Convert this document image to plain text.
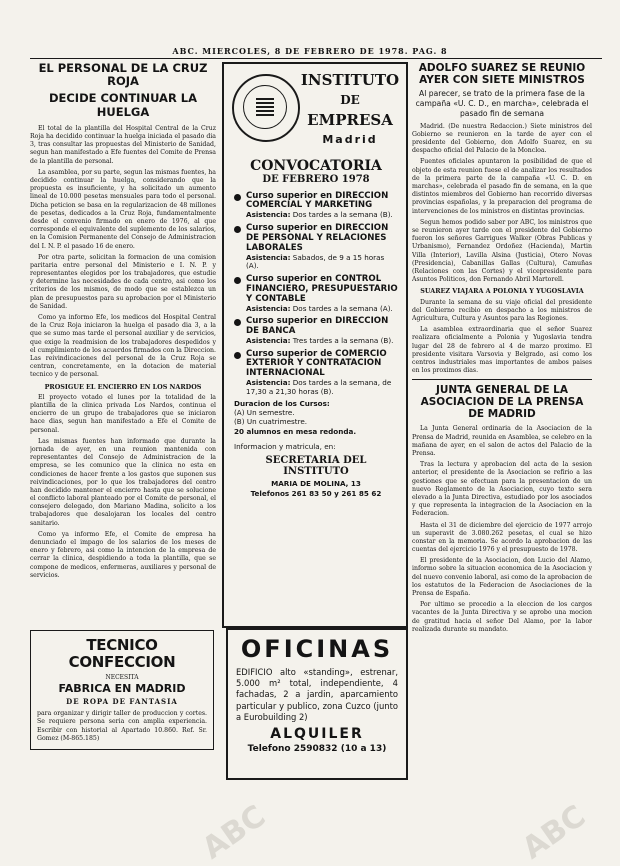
ABC. MIERCOLES, 8 DE FEBRERO DE 1978. PAG. 8
EL PERSONAL DE LA CRUZ ROJA
DECIDE CONTINUAR LA HUELGA

El total de la plantilla del Hospital Central de la Cruz Roja ha decidido continuar la huelga iniciada el pasado dia 3, tras consultar las propuestas del Ministerio de Sanidad, segun han manifestado a Efe fuentes del Comite de Prensa de la plantilla de personal.

La asamblea, por su parte, segun las mismas fuentes, ha decidido continuar la huelga, considerando que la propuesta es insuficiente, y ha solicitado un aumento lineal de 10.000 pesetas mensuales para todo el personal. Dicha peticion se basa en la regularizacion de 48 millones de pesetas, dedicados a la Cruz Roja, fundamentalmente desde el convenio firmado en enero de 1976, al que corresponde el equivalente del suplemento de los salarios, en la Comision Permanente del Consejo de Administracion del I. N. P. el pasado 16 de enero.

Por otra parte, solicitan la formacion de una comision paritaria entre personal del Ministerio e I. N. P. y representantes elegidos por los trabajadores, que estudie y determine las necesidades de cada centro, asi como los criterios de los mismos, de modo que se establezca un plan de presupuestos para su aprobacion por el Ministerio de Sanidad.

Como ya informo Efe, los medicos del Hospital Central de la Cruz Roja iniciaron la huelga el pasado dia 3, a la que se sumo mas tarde el personal auxiliar y de servicios, que exige la readmision de los trabajadores despedidos y el cumplimiento de los acuerdos firmados con la Direccion. Las reivindicaciones del personal de la Cruz Roja se centran, concretamente, en la dotacion de material tecnico y de personal.

PROSIGUE EL ENCIERRO EN LOS NARDOS

El proyecto votado el lunes por la totalidad de la plantilla de la clinica privada Los Nardos, continua el encierro de un grupo de trabajadores que se iniciaron hace dias, segun han manifestado a Efe el Comite de personal.

Las mismas fuentes han informado que durante la jornada de ayer, en una reunion mantenida con representantes del Consejo de Administracion de la empresa, se les comunico que la clinica no esta en condiciones de hacer frente a los gastos que suponen sus reivindicaciones, por lo que los trabajadores del centro han decidido mantener el encierro hasta que se solucione el conflicto laboral planteado por el Comite de personal, el consejero delegado, don Mariano Madina, solicito a los trabajadores que desalojaran los locales del centro sanitario.

Como ya informo Efe, el Comite de empresa ha denunciado el impago de los salarios de los meses de enero y febrero, asi como la intencion de la empresa de cerrar la clinica, despidiendo a toda la plantilla, que se compone de medicos, enfermeras, auxiliares y personal de servicios.

TECNICO CONFECCION
NECESITA
FABRICA EN MADRID
DE ROPA DE FANTASIA

para organizar y dirigir taller de produccion y cortes. Se requiere persona seria con amplia experiencia. Escribir con historial al Apartado 10.860. Ref. Sr. Gomez (M-865.185)

INSTITUTO
DE
EMPRESA
Madrid
CONVOCATORIA
DE FEBRERO 1978
Curso superior en DIRECCION COMERCIAL Y MARKETING
Asistencia: Dos tardes a la semana (B).
Curso superior en DIRECCION DE PERSONAL Y RELACIONES LABORALES
Asistencia: Sabados, de 9 a 15 horas (A).
Curso superior en CONTROL FINANCIERO, PRESUPUESTARIO Y CONTABLE
Asistencia: Dos tardes a la semana (A).
Curso superior en DIRECCION DE BANCA
Asistencia: Tres tardes a la semana (B).
Curso superior de COMERCIO EXTERIOR Y CONTRATACION INTERNACIONAL
Asistencia: Dos tardes a la semana, de 17,30 a 21,30 horas (B).
Duracion de los Cursos:
(A) Un semestre.
(B) Un cuatrimestre.
20 alumnos en mesa redonda.
Informacion y matricula, en:
SECRETARIA DEL INSTITUTO
MARIA DE MOLINA, 13
Telefonos 261 83 50 y 261 85 62
OFICINAS
EDIFICIO alto «standing», estrenar, 5.000 m² total, independiente, 4 fachadas, 2 a jardin, aparcamiento particular y publico, zona Cuzco (junto a Eurobuilding 2)
ALQUILER
Telefono 2590832 (10 a 13)
ADOLFO SUAREZ SE REUNIO
AYER CON SIETE MINISTROS
Al parecer, se trato de la primera fase de la campaña «U. C. D., en marcha», celebrada el pasado fin de semana

Madrid. (De nuestra Redaccion.) Siete ministros del Gobierno se reunieron en la tarde de ayer con el presidente del Gobierno, don Adolfo Suarez, en su despacho oficial del Palacio de la Moncloa.

Fuentes oficiales apuntaron la posibilidad de que el objeto de esta reunion fuese el de analizar los resultados de la primera parte de la campaña «U. C. D. en marchas», celebrada el pasado fin de semana, en la que distintos miembros del Gobierno han recorrido diversas provincias españolas, y la preparacion del programa de intervenciones de los ministros en distintas provincias.

Segun hemos podido saber por ABC, los ministros que se reunieron ayer tarde con el presidente del Gobierno fueron los señores Garrigues Walker (Obras Publicas y Urbanismo), Fernandez Ordoñez (Hacienda), Martin Villa (Interior), Lavilla Alsina (Justicia), Otero Novas (Presidencia), Cabanillas Gallas (Cultura), Camuñas (Relaciones con las Cortes) y el vicepresidente para Asuntos Politicos, don Fernando Abril Martorell.

SUAREZ VIAJARA A POLONIA Y YUGOSLAVIA

Durante la semana de su viaje oficial del presidente del Gobierno recibio en despacho a los ministros de Agricultura, Cultura y Asuntos para las Regiones.

La asamblea extraordinaria que el señor Suarez realizara oficialmente a Polonia y Yugoslavia tendra lugar del 28 de febrero al 4 de marzo proximo. El presidente visitara Varsovia y Belgrado, asi como los centros industriales mas importantes de ambos paises en los proximos dias.

JUNTA GENERAL DE LA ASOCIACION DE LA PRENSA DE MADRID

La Junta General ordinaria de la Asociacion de la Prensa de Madrid, reunida en Asamblea, se celebro en la mañana de ayer, en el salon de actos del Palacio de la Prensa.

Tras la lectura y aprobacion del acta de la sesion anterior, el presidente de la Asociacion se refirio a las gestiones que se efectuan para la presentacion de un nuevo Reglamento de la Asociacion, cuyo texto sera elevado a la Junta Directiva, estudiado por los asociados y que representa la integracion de la Asociacion en la Federacion.

Hasta el 31 de diciembre del ejercicio de 1977 arrojo un superavit de 3.080.262 pesetas, el cual se hizo constar en la memoria. Se acordo la aprobacion de las cuentas del ejercicio 1976 y el presupuesto de 1978.

El presidente de la Asociacion, don Lucio del Alamo, informo sobre la situacion economica de la Asociacion y del nuevo convenio laboral, asi como de la aprobacion de los estatutos de la Federacion de Asociaciones de la Prensa de España.

Por ultimo se procedio a la eleccion de los cargos vacantes de la Junta Directiva y se aprobo una mocion de gratitud hacia el señor Del Alamo, por la labor realizada durante su mandato.

ABC	ABC
